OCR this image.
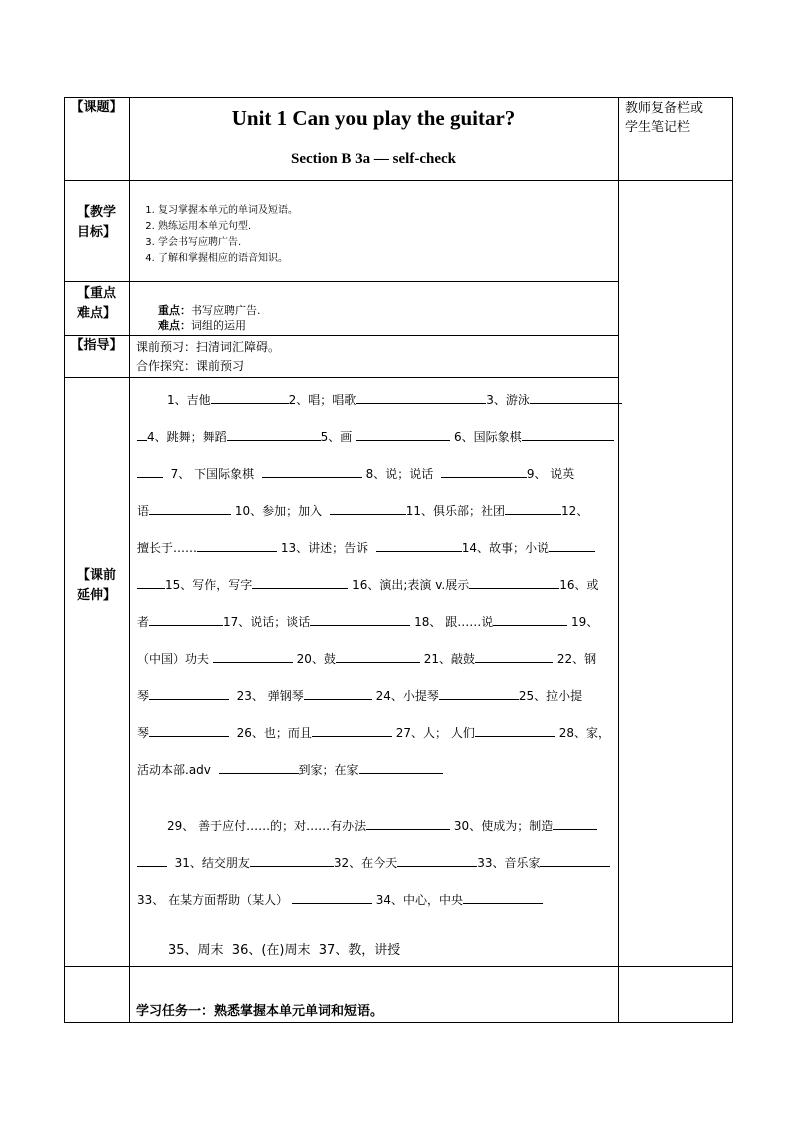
【课题】	Unit 1 Can you play the guitar?
Section B 3a — self-check
教师复备栏或
学生笔记栏
【教学
目标】
1. 复习掌握本单元的单词及短语。
2. 熟练运用本单元句型.
3. 学会书写应聘广告.
4. 了解和掌握相应的语音知识。
【重点
难点】	重点：书写应聘广告.
难点：词组的运用
【指导】	课前预习：扫清词汇障碍。
合作探究：课前预习
【课前
延伸】
1、吉他	2、唱；唱歌	3、游泳
4、跳舞；舞蹈	5、画	6、国际象棋
7、 下国际象棋	8、说；说话	9、 说英
语	10、参加；加入	11、俱乐部；社团	12、
擅长于……	13、讲述；告诉	14、故事；小说
15、写作，写字	16、演出;表演 v.展示	16、或
者	17、说话；谈话	18、 跟……说	19、
（中国）功夫	20、鼓	21、敲鼓	22、钢
琴	23、 弹钢琴	24、小提琴	25、拉小提
琴	26、也；而且	27、人； 人们	28、家，
活动本部.adv	到家；在家
29、 善于应付……的；对……有办法	30、使成为；制造
31、结交朋友	32、在今天	33、音乐家
33、 在某方面帮助（某人）	34、中心，中央
35、周末  36、(在)周末  37、教，讲授
学习任务一：熟悉掌握本单元单词和短语。
